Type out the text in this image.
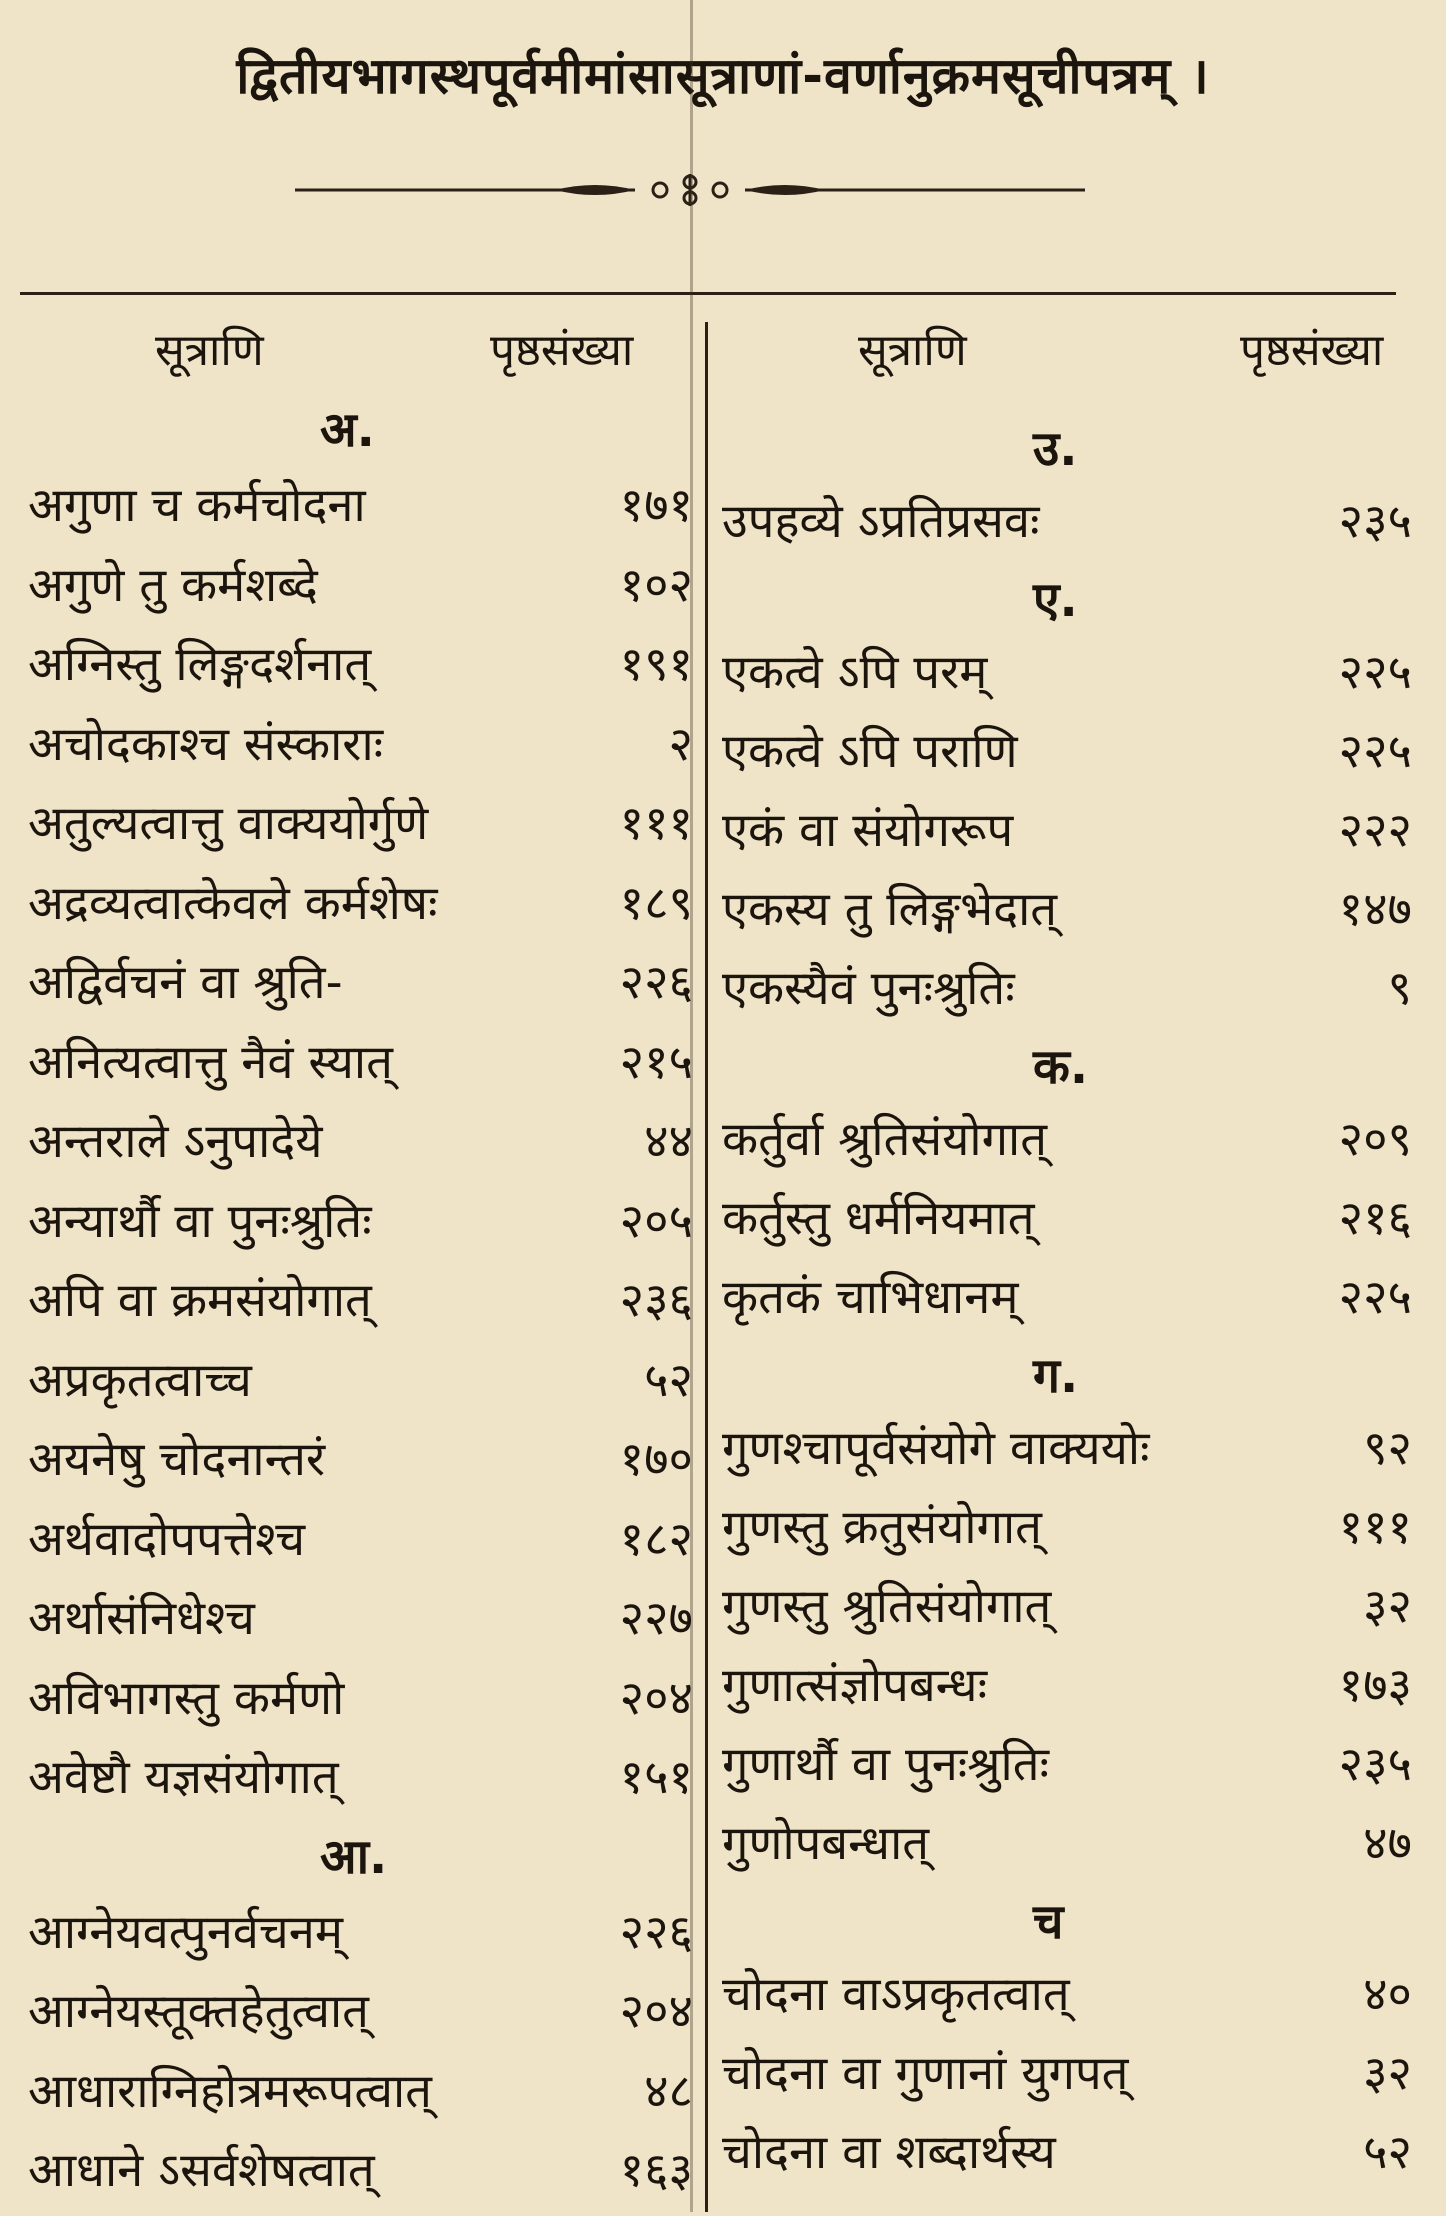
द्वितीयभागस्थपूर्वमीमांसासूत्राणां-वर्णानुक्रमसूचीपत्रम् ।
सूत्राणि	पृष्ठसंख्या
अ.
अगुणा च कर्मचोदना	१७१
अगुणे तु कर्मशब्दे	१०२
अग्निस्तु लिङ्गदर्शनात्	१९१
अचोदकाश्च संस्काराः	२
अतुल्यत्वात्तु वाक्ययोर्गुणे	१११
अद्रव्यत्वात्केवले कर्मशेषः	१८९
अद्विर्वचनं वा श्रुति-	२२६
अनित्यत्वात्तु नैवं स्यात्	२१५
अन्तराले ऽनुपादेये	४४
अन्यार्थौ वा पुनःश्रुतिः	२०५
अपि वा क्रमसंयोगात्	२३६
अप्रकृतत्वाच्च	५२
अयनेषु चोदनान्तरं	१७०
अर्थवादोपपत्तेश्च	१८२
अर्थासंनिधेश्च	२२७
अविभागस्तु कर्मणो	२०४
अवेष्टौ यज्ञसंयोगात्	१५१
आ.
आग्नेयवत्पुनर्वचनम्	२२६
आग्नेयस्तूक्तहेतुत्वात्	२०४
आधाराग्निहोत्रमरूपत्वात्	४८
आधाने ऽसर्वशेषत्वात्	१६३
सूत्राणि	पृष्ठसंख्या
उ.
उपहव्ये ऽप्रतिप्रसवः	२३५
ए.
एकत्वे ऽपि परम्	२२५
एकत्वे ऽपि पराणि	२२५
एकं वा संयोगरूप	२२२
एकस्य तु लिङ्गभेदात्	१४७
एकस्यैवं पुनःश्रुतिः	९
क.
कर्तुर्वा श्रुतिसंयोगात्	२०९
कर्तुस्तु धर्मनियमात्	२१६
कृतकं चाभिधानम्	२२५
ग.
गुणश्चापूर्वसंयोगे वाक्ययोः	९२
गुणस्तु क्रतुसंयोगात्	१११
गुणस्तु श्रुतिसंयोगात्	३२
गुणात्संज्ञोपबन्धः	१७३
गुणार्थौ वा पुनःश्रुतिः	२३५
गुणोपबन्धात्	४७
च
चोदना वाऽप्रकृतत्वात्	४०
चोदना वा गुणानां युगपत्	३२
चोदना वा शब्दार्थस्य	५२
